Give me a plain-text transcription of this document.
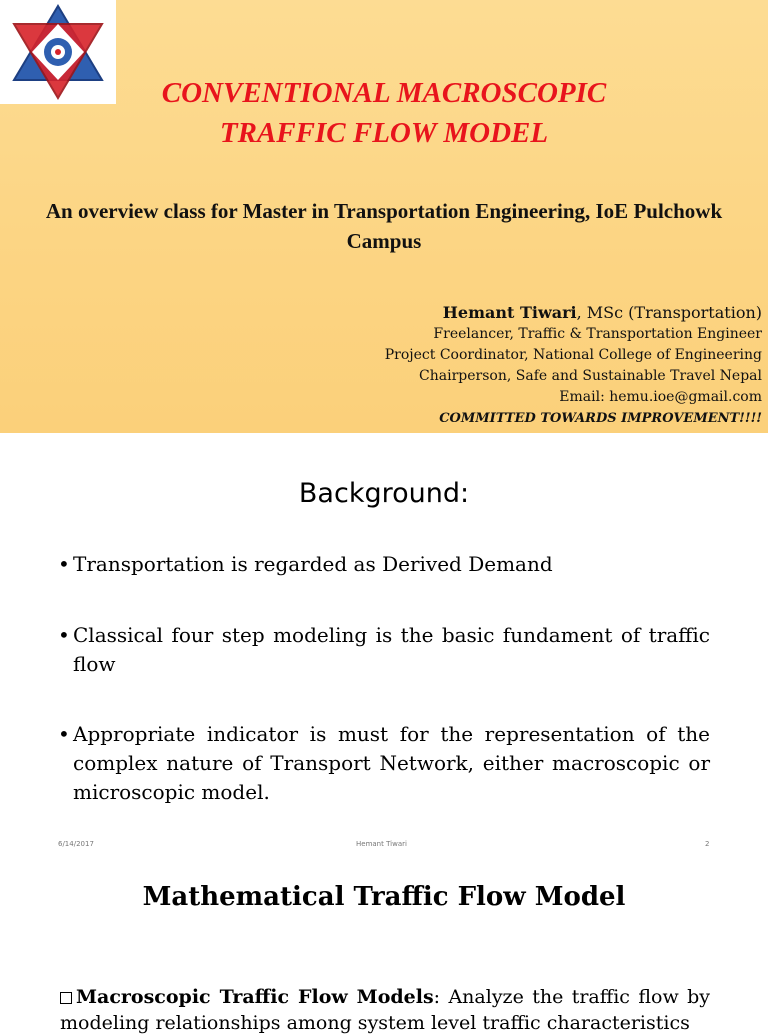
CONVENTIONAL MACROSCOPIC
TRAFFIC FLOW MODEL
An overview class for Master in Transportation Engineering, IoE Pulchowk Campus
Hemant Tiwari, MSc (Transportation)
Freelancer, Traffic & Transportation Engineer
Project Coordinator, National College of Engineering
Chairperson, Safe and Sustainable Travel Nepal
Email: hemu.ioe@gmail.com
COMMITTED TOWARDS IMPROVEMENT!!!!
Background:
• Transportation is regarded as Derived Demand
• Classical four step modeling is the basic fundament of traffic flow
• Appropriate indicator is must for the representation of the complex nature of Transport Network, either macroscopic or microscopic model.
6/14/2017	Hemant Tiwari	2
Mathematical Traffic Flow Model
Macroscopic Traffic Flow Models: Analyze the traffic flow by modeling relationships among system level traffic characteristics
